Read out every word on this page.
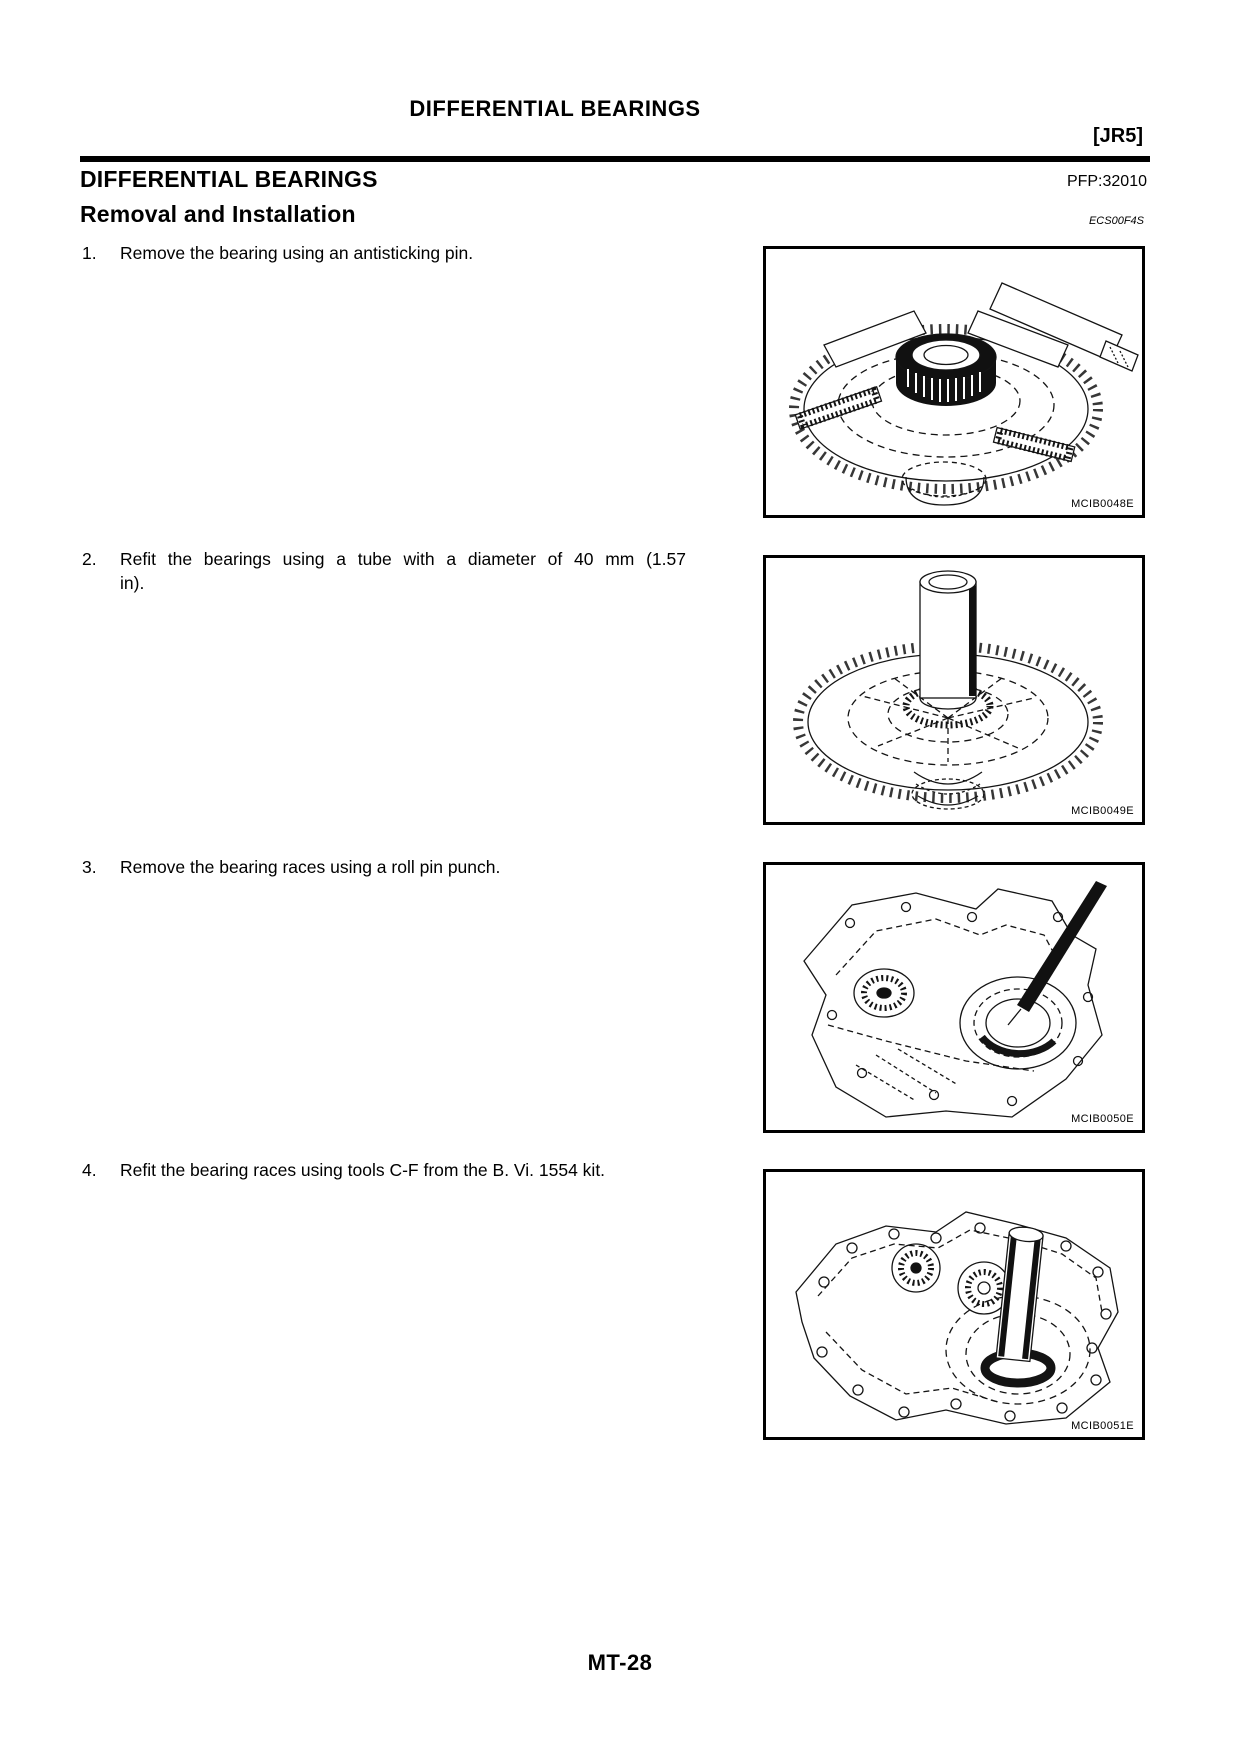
DIFFERENTIAL BEARINGS
[JR5]
DIFFERENTIAL BEARINGS	PFP:32010
Removal and Installation	ECS00F4S
1. Remove the bearing using an antisticking pin.
MCIB0048E
2. Refit the bearings using a tube with a diameter of 40 mm (1.57
in).
MCIB0049E
3. Remove the bearing races using a roll pin punch.
MCIB0050E
4. Refit the bearing races using tools C-F from the B. Vi. 1554 kit.
MCIB0051E
MT-28
